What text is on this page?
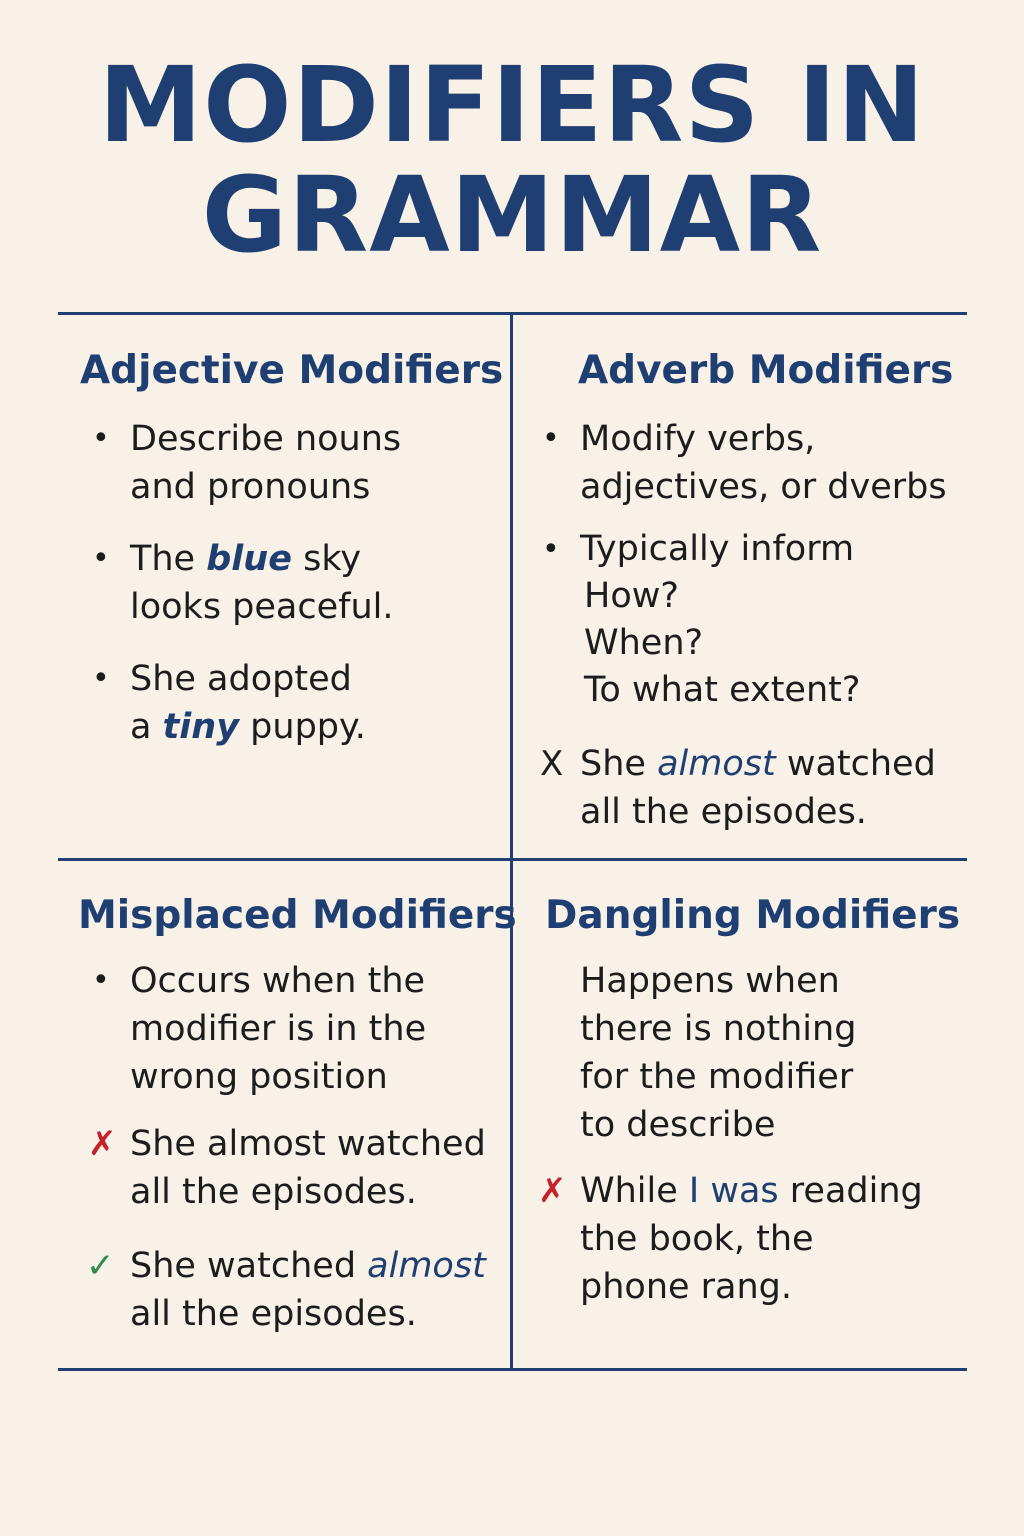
MODIFIERS IN
GRAMMAR
Adjective Modifiers
• Describe nouns
and pronouns

• The blue sky
looks peaceful.

• She adopted
a tiny puppy.

Adverb Modifiers
• Modify verbs,
adjectives, or dverbs

• Typically inform
How?
When?
To what extent?

X She almost watched
all the episodes.

Misplaced Modifiers
• Occurs when the
modifier is in the
wrong position

✗ She almost watched
all the episodes.

✓ She watched almost
all the episodes.

Dangling Modifiers

Happens when
there is nothing
for the modifier
to describe

✗ While I was reading
the book, the
phone rang.
